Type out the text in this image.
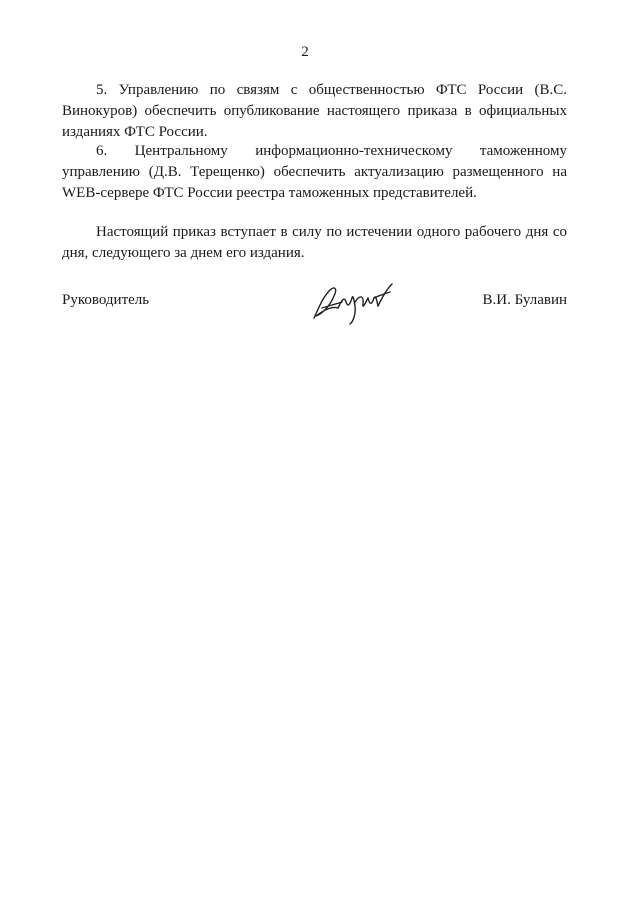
2

5. Управлению по связям с общественностью ФТС России (В.С. Винокуров) обеспечить опубликование настоящего приказа в официальных изданиях ФТС России.

6. Центральному информационно-техническому таможенному управлению (Д.В. Терещенко) обеспечить актуализацию размещенного на WEB-сервере ФТС России реестра таможенных представителей.

Настоящий приказ вступает в силу по истечении одного рабочего дня со дня, следующего за днем его издания.

Руководитель	В.И. Булавин
